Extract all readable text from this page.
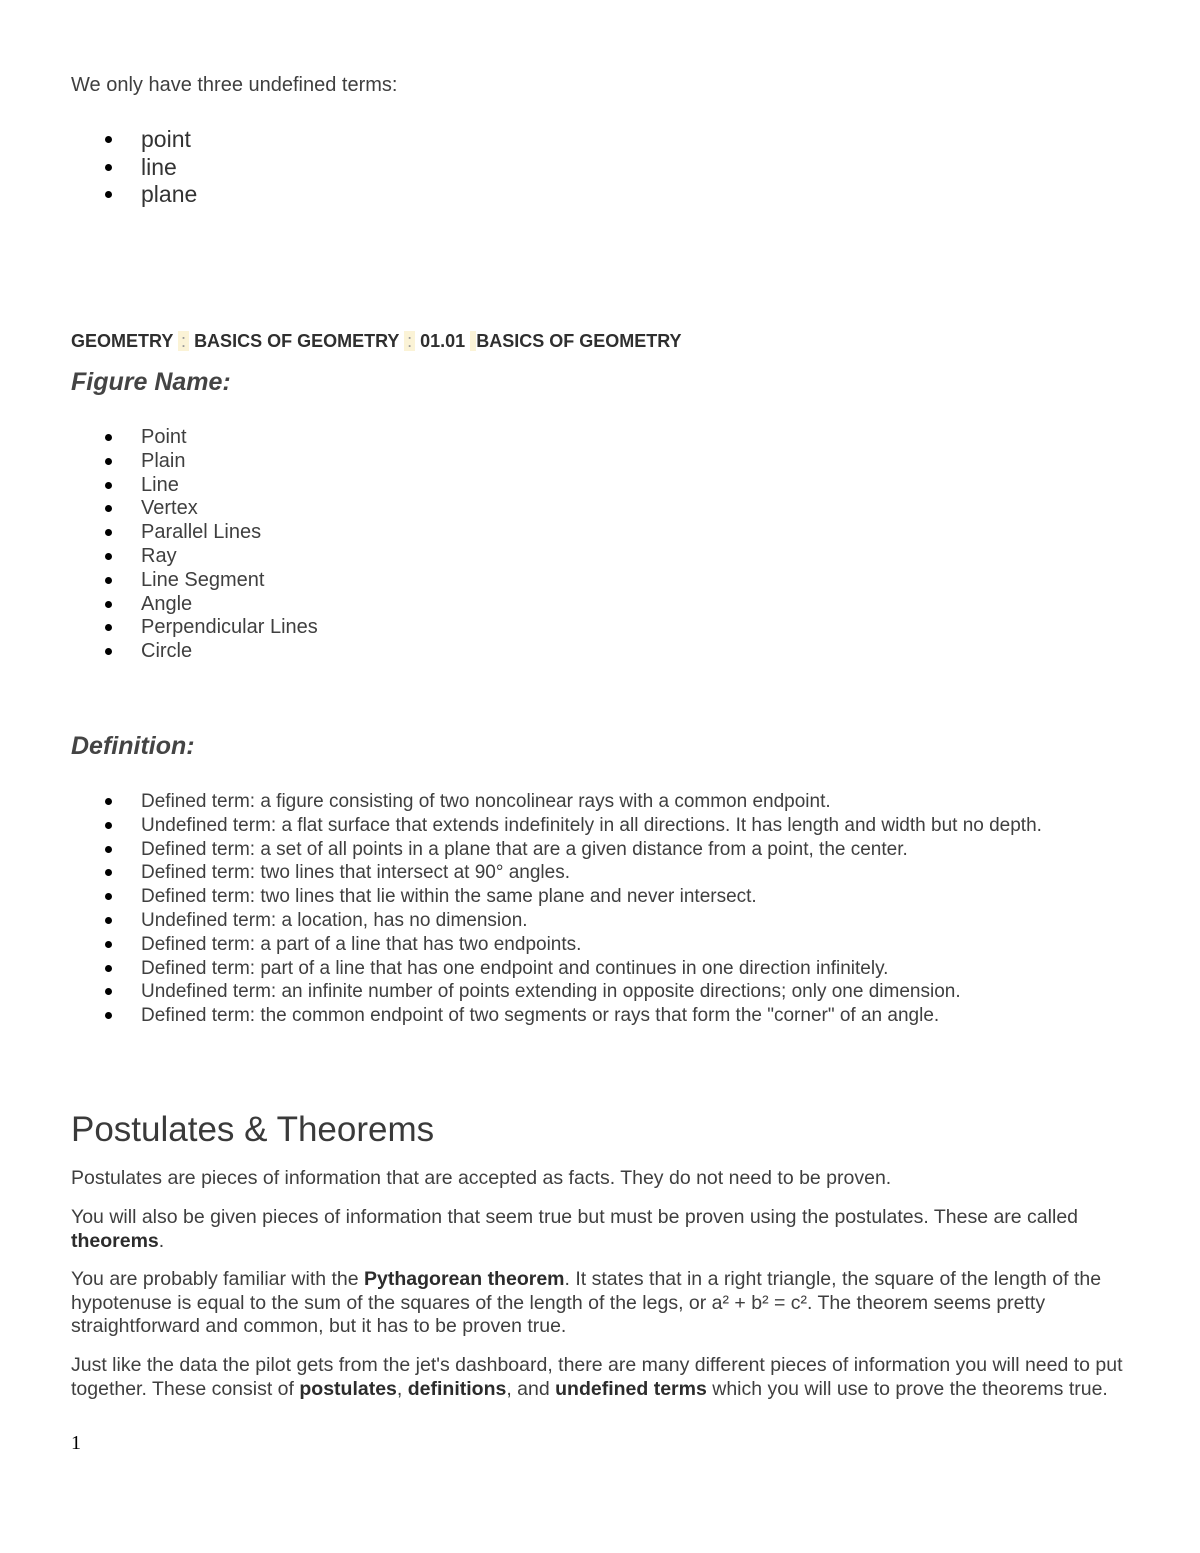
We only have three undefined terms:

point
line
plane
GEOMETRY : BASICS OF GEOMETRY : 01.01 BASICS OF GEOMETRY
Figure Name:
Point
Plain
Line
Vertex
Parallel Lines
Ray
Line Segment
Angle
Perpendicular Lines
Circle
Definition:
Defined term: a figure consisting of two noncolinear rays with a common endpoint.
Undefined term: a flat surface that extends indefinitely in all directions. It has length and width but no depth.
Defined term: a set of all points in a plane that are a given distance from a point, the center.
Defined term: two lines that intersect at 90° angles.
Defined term: two lines that lie within the same plane and never intersect.
Undefined term: a location, has no dimension.
Defined term: a part of a line that has two endpoints.
Defined term: part of a line that has one endpoint and continues in one direction infinitely.
Undefined term: an infinite number of points extending in opposite directions; only one dimension.
Defined term: the common endpoint of two segments or rays that form the "corner" of an angle.
Postulates & Theorems

Postulates are pieces of information that are accepted as facts. They do not need to be proven.

You will also be given pieces of information that seem true but must be proven using the postulates. These are called theorems.

You are probably familiar with the Pythagorean theorem. It states that in a right triangle, the square of the length of the hypotenuse is equal to the sum of the squares of the length of the legs, or a² + b² = c². The theorem seems pretty straightforward and common, but it has to be proven true.

Just like the data the pilot gets from the jet's dashboard, there are many different pieces of information you will need to put together. These consist of postulates, definitions, and undefined terms which you will use to prove the theorems true.

1
